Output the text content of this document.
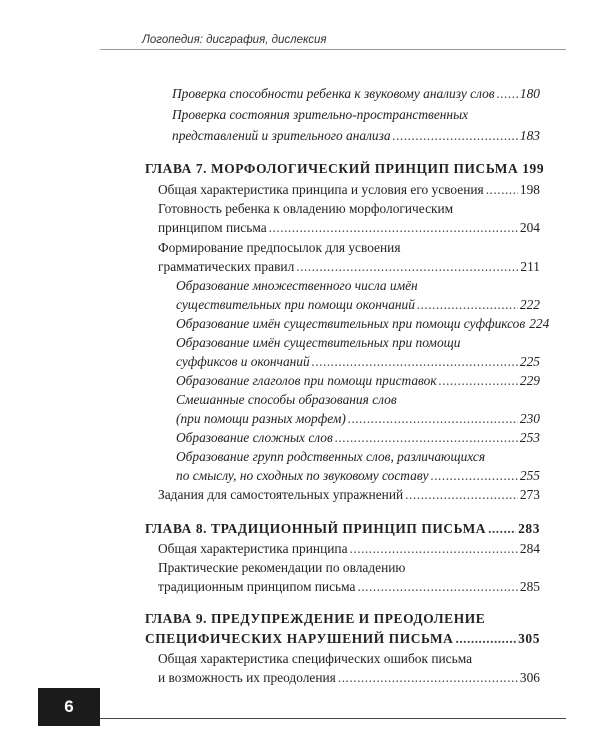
Логопедия: дисграфия, дислексия
Проверка способности ребенка к звуковому анализу слов ..... 180
Проверка состояния зрительно-пространственных
представлений и зрительного анализа .....	183
ГЛАВА 7. МОРФОЛОГИЧЕСКИЙ ПРИНЦИП ПИСЬМА 199
Общая характеристика принципа и условия его усвоения .....	198
Готовность ребенка к овладению морфологическим
принципом письма .....	204
Формирование предпосылок для усвоения
грамматических правил .....	211
Образование множественного числа имён
существительных при помощи окончаний .....	222
Образование имён существительных при помощи суффиксов 224
Образование имён существительных при помощи
суффиксов и окончаний .....	225
Образование глаголов при помощи приставок .....	229
Смешанные способы образования слов
(при помощи разных морфем) .....	230
Образование сложных слов .....	253
Образование групп родственных слов, различающихся
по смыслу, но сходных по звуковому составу .....	255
Задания для самостоятельных упражнений .....	273
ГЛАВА 8. ТРАДИЦИОННЫЙ ПРИНЦИП ПИСЬМА ..... 283
Общая характеристика принципа .....	284
Практические рекомендации по овладению
традиционным принципом письма .....	285
ГЛАВА 9. ПРЕДУПРЕЖДЕНИЕ И ПРЕОДОЛЕНИЕ
СПЕЦИФИЧЕСКИХ НАРУШЕНИЙ ПИСЬМА .....	305
Общая характеристика специфических ошибок письма
и возможность их преодоления .....	306
6
